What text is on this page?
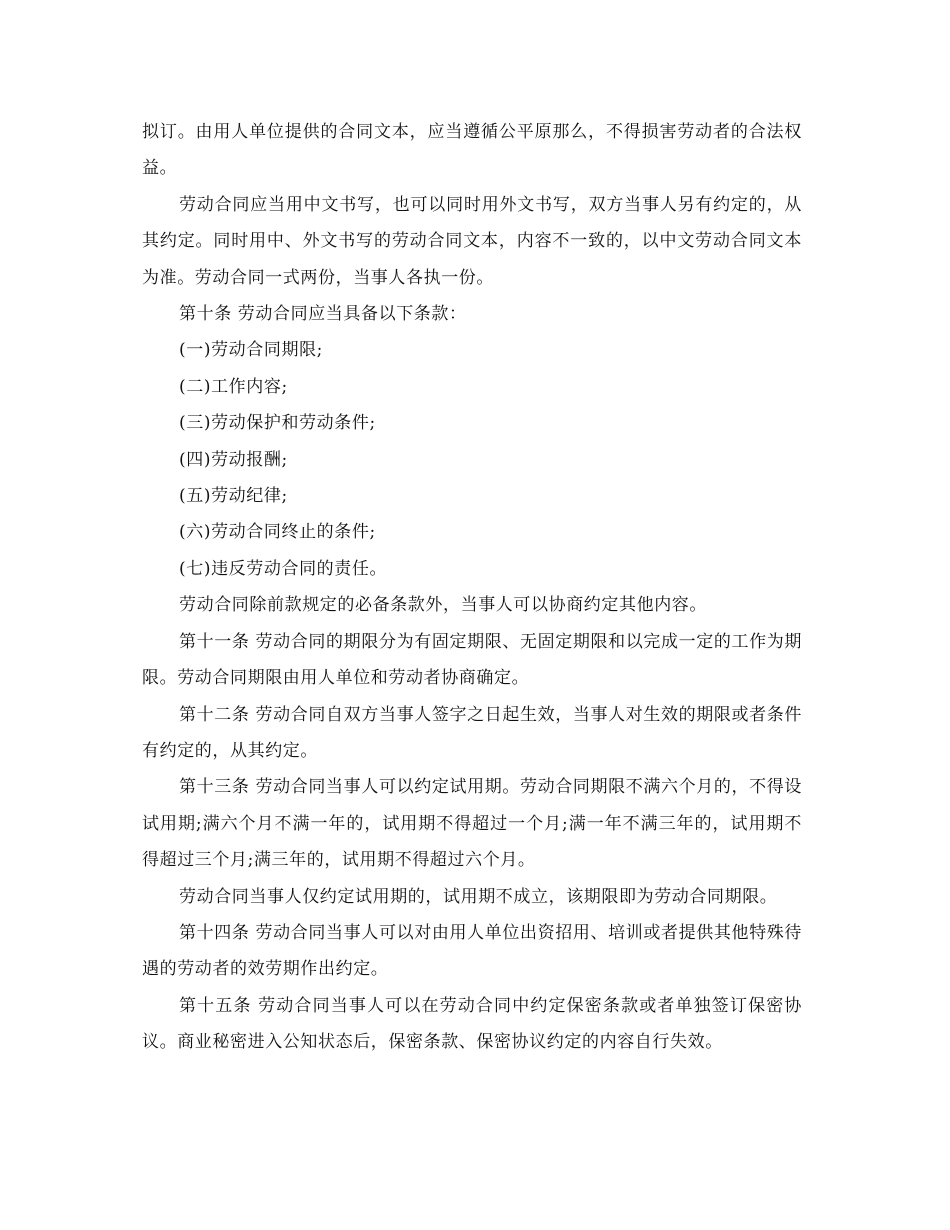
拟订。由用人单位提供的合同文本，应当遵循公平原那么，不得损害劳动者的合法权益。

劳动合同应当用中文书写，也可以同时用外文书写，双方当事人另有约定的，从其约定。同时用中、外文书写的劳动合同文本，内容不一致的，以中文劳动合同文本为准。劳动合同一式两份，当事人各执一份。

第十条 劳动合同应当具备以下条款：

(一)劳动合同期限;

(二)工作内容;

(三)劳动保护和劳动条件;

(四)劳动报酬;

(五)劳动纪律;

(六)劳动合同终止的条件;

(七)违反劳动合同的责任。

劳动合同除前款规定的必备条款外，当事人可以协商约定其他内容。

第十一条 劳动合同的期限分为有固定期限、无固定期限和以完成一定的工作为期限。劳动合同期限由用人单位和劳动者协商确定。

第十二条 劳动合同自双方当事人签字之日起生效，当事人对生效的期限或者条件有约定的，从其约定。

第十三条 劳动合同当事人可以约定试用期。劳动合同期限不满六个月的，不得设试用期;满六个月不满一年的，试用期不得超过一个月;满一年不满三年的，试用期不得超过三个月;满三年的，试用期不得超过六个月。

劳动合同当事人仅约定试用期的，试用期不成立，该期限即为劳动合同期限。

第十四条 劳动合同当事人可以对由用人单位出资招用、培训或者提供其他特殊待遇的劳动者的效劳期作出约定。

第十五条 劳动合同当事人可以在劳动合同中约定保密条款或者单独签订保密协议。商业秘密进入公知状态后，保密条款、保密协议约定的内容自行失效。
